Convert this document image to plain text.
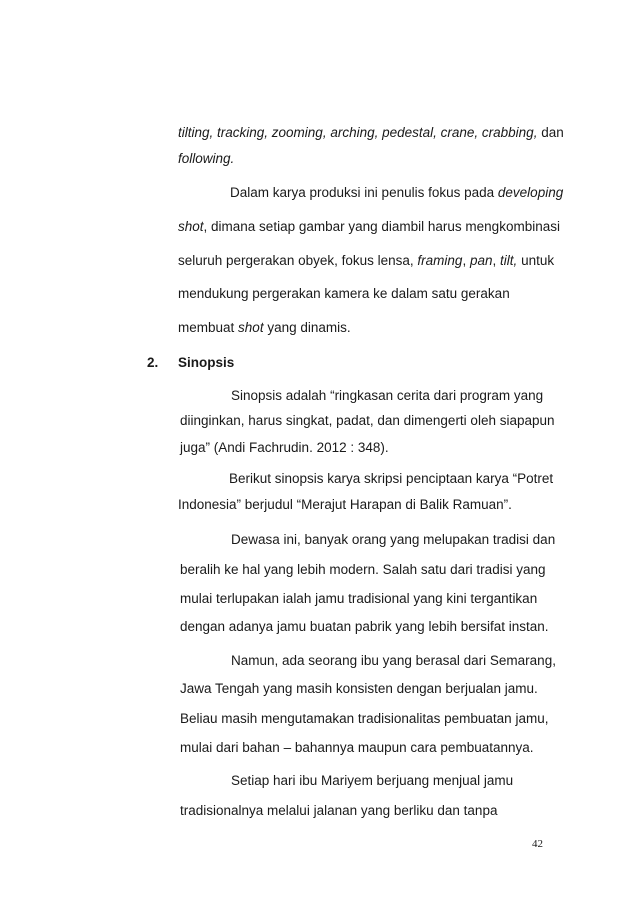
tilting, tracking, zooming, arching, pedestal, crane, crabbing, dan
following.
Dalam karya produksi ini penulis fokus pada developing
shot, dimana setiap gambar yang diambil harus mengkombinasi
seluruh pergerakan obyek, fokus lensa, framing, pan, tilt, untuk
mendukung pergerakan kamera ke dalam satu gerakan
membuat shot yang dinamis.
2. Sinopsis
Sinopsis adalah “ringkasan cerita dari program yang
diinginkan, harus singkat, padat, dan dimengerti oleh siapapun
juga” (Andi Fachrudin. 2012 : 348).
Berikut sinopsis karya skripsi penciptaan karya “Potret
Indonesia” berjudul “Merajut Harapan di Balik Ramuan”.
Dewasa ini, banyak orang yang melupakan tradisi dan
beralih ke hal yang lebih modern. Salah satu dari tradisi yang
mulai terlupakan ialah jamu tradisional yang kini tergantikan
dengan adanya jamu buatan pabrik yang lebih bersifat instan.
Namun, ada seorang ibu yang berasal dari Semarang,
Jawa Tengah yang masih konsisten dengan berjualan jamu.
Beliau masih mengutamakan tradisionalitas pembuatan jamu,
mulai dari bahan – bahannya maupun cara pembuatannya.
Setiap hari ibu Mariyem berjuang menjual jamu
tradisionalnya melalui jalanan yang berliku dan tanpa
42
